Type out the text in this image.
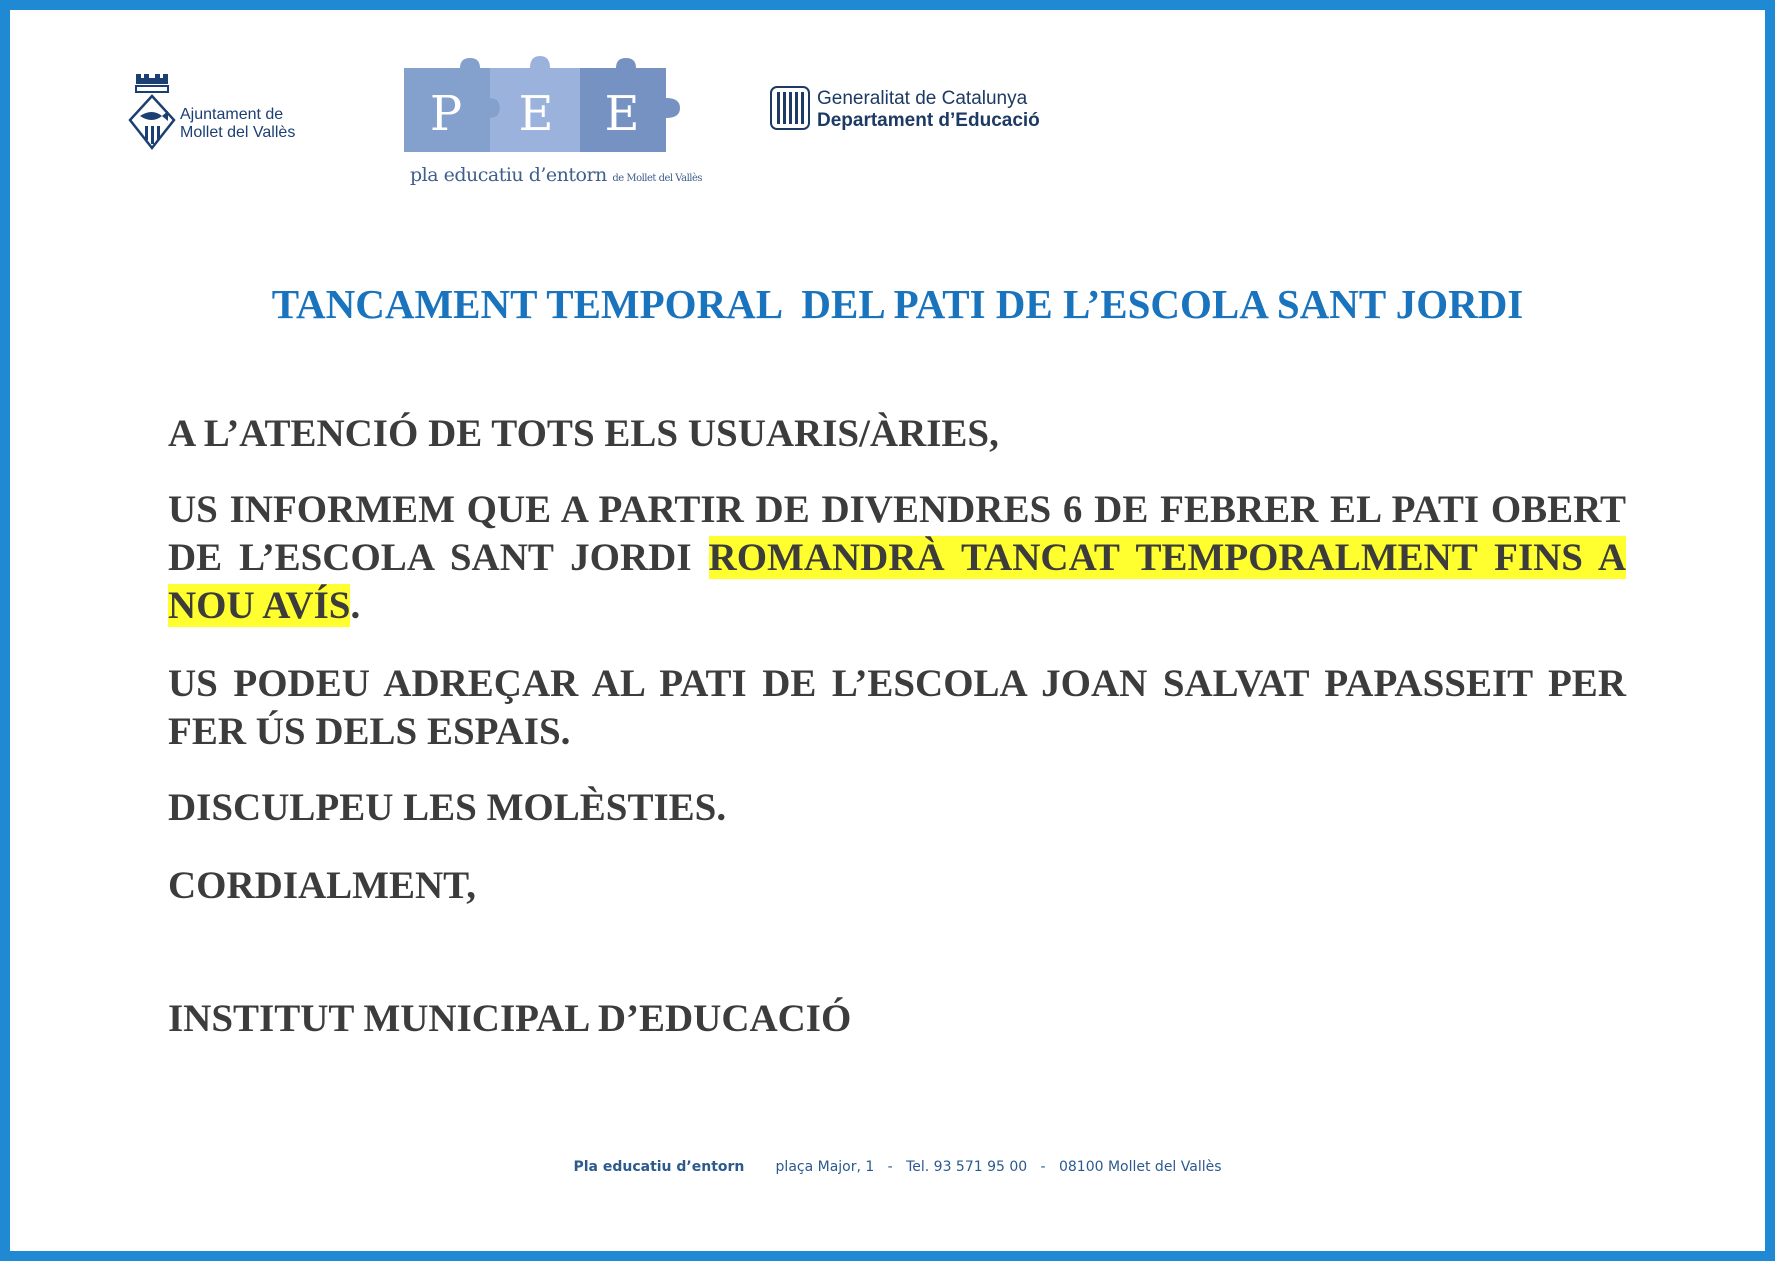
Ajuntament de
Mollet del Vallès	P E E
pla educatiu d’entorn de Mollet del Vallès
Generalitat de Catalunya
Departament d’Educació
TANCAMENT TEMPORAL  DEL PATI DE L’ESCOLA SANT JORDI
A L’ATENCIÓ DE TOTS ELS USUARIS/ÀRIES,
US INFORMEM QUE A PARTIR DE DIVENDRES 6 DE FEBRER EL PATI OBERT DE L’ESCOLA SANT JORDI ROMANDRÀ TANCAT TEMPORALMENT FINS A NOU AVÍS.
US PODEU ADREÇAR AL PATI DE L’ESCOLA JOAN SALVAT PAPASSEIT PER FER ÚS DELS ESPAIS.
DISCULPEU LES MOLÈSTIES.
CORDIALMENT,
INSTITUT MUNICIPAL D’EDUCACIÓ
Pla educatiu d’entorn plaça Major, 1 - Tel. 93 571 95 00 - 08100 Mollet del Vallès
